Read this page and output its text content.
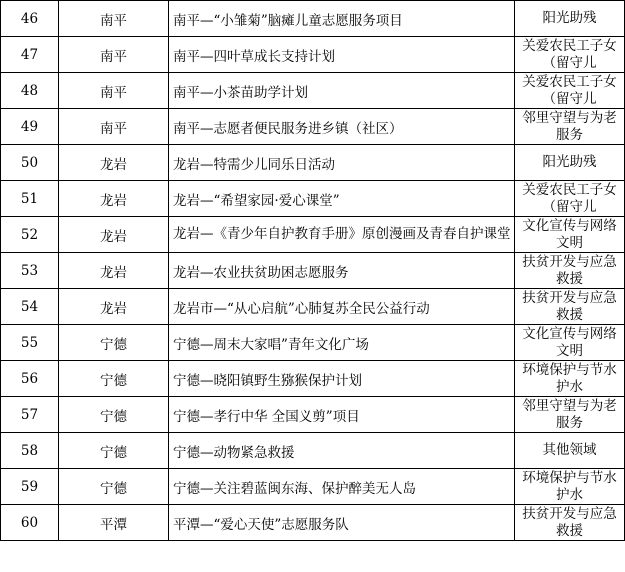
46	南平	南平—“小雏菊”脑瘫儿童志愿服务项目	阳光助残
47	南平	南平—四叶草成长支持计划	关爱农民工子女（留守儿
48	南平	南平—小茶苗助学计划	关爱农民工子女（留守儿
49	南平	南平—志愿者便民服务进乡镇（社区）	邻里守望与为老服务
50	龙岩	龙岩—特需少儿同乐日活动	阳光助残
51	龙岩	龙岩—“希望家园·爱心课堂”	关爱农民工子女（留守儿
52	龙岩	龙岩—《青少年自护教育手册》原创漫画及青春自护课堂	文化宣传与网络文明
53	龙岩	龙岩—农业扶贫助困志愿服务	扶贫开发与应急救援
54	龙岩	龙岩市—“从心启航”心肺复苏全民公益行动	扶贫开发与应急救援
55	宁德	宁德—周末大家唱”青年文化广场	文化宣传与网络文明
56	宁德	宁德—晓阳镇野生猕猴保护计划	环境保护与节水护水
57	宁德	宁德—孝行中华 全国义剪”项目	邻里守望与为老服务
58	宁德	宁德—动物紧急救援	其他领域
59	宁德	宁德—关注碧蓝闽东海、保护醉美无人岛	环境保护与节水护水
60	平潭	平潭—“爱心天使”志愿服务队	扶贫开发与应急救援
